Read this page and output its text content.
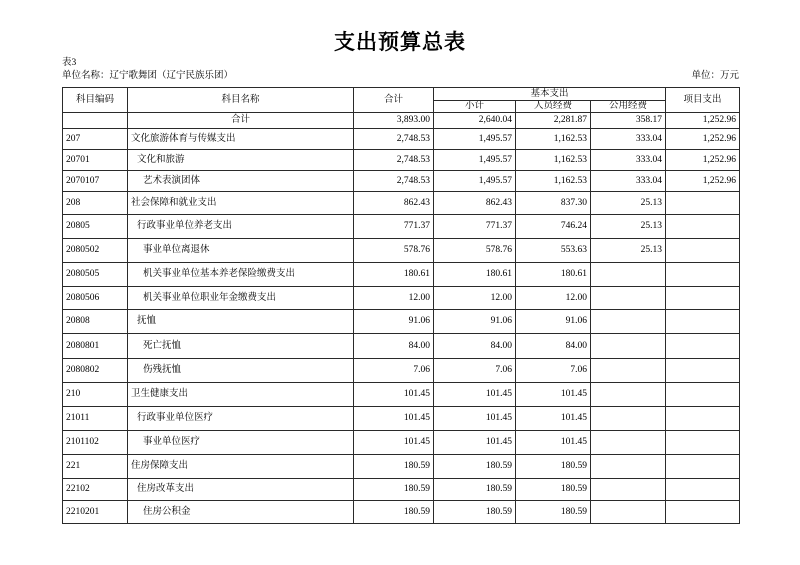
支出预算总表
表3
单位名称：辽宁歌舞团（辽宁民族乐团）	单位：万元
科目编码	科目名称	合计	基本支出			项目支出
			小计	人员经费	公用经费	
	合计	3,893.00	2,640.04	2,281.87	358.17	1,252.96
207	文化旅游体育与传媒支出	2,748.53	1,495.57	1,162.53	333.04	1,252.96
20701	文化和旅游	2,748.53	1,495.57	1,162.53	333.04	1,252.96
2070107	艺术表演团体	2,748.53	1,495.57	1,162.53	333.04	1,252.96
208	社会保障和就业支出	862.43	862.43	837.30	25.13	
20805	行政事业单位养老支出	771.37	771.37	746.24	25.13	
2080502	事业单位离退休	578.76	578.76	553.63	25.13	
2080505	机关事业单位基本养老保险缴费支出	180.61	180.61	180.61		
2080506	机关事业单位职业年金缴费支出	12.00	12.00	12.00		
20808	抚恤	91.06	91.06	91.06		
2080801	死亡抚恤	84.00	84.00	84.00		
2080802	伤残抚恤	7.06	7.06	7.06		
210	卫生健康支出	101.45	101.45	101.45		
21011	行政事业单位医疗	101.45	101.45	101.45		
2101102	事业单位医疗	101.45	101.45	101.45		
221	住房保障支出	180.59	180.59	180.59		
22102	住房改革支出	180.59	180.59	180.59		
2210201	住房公积金	180.59	180.59	180.59		
